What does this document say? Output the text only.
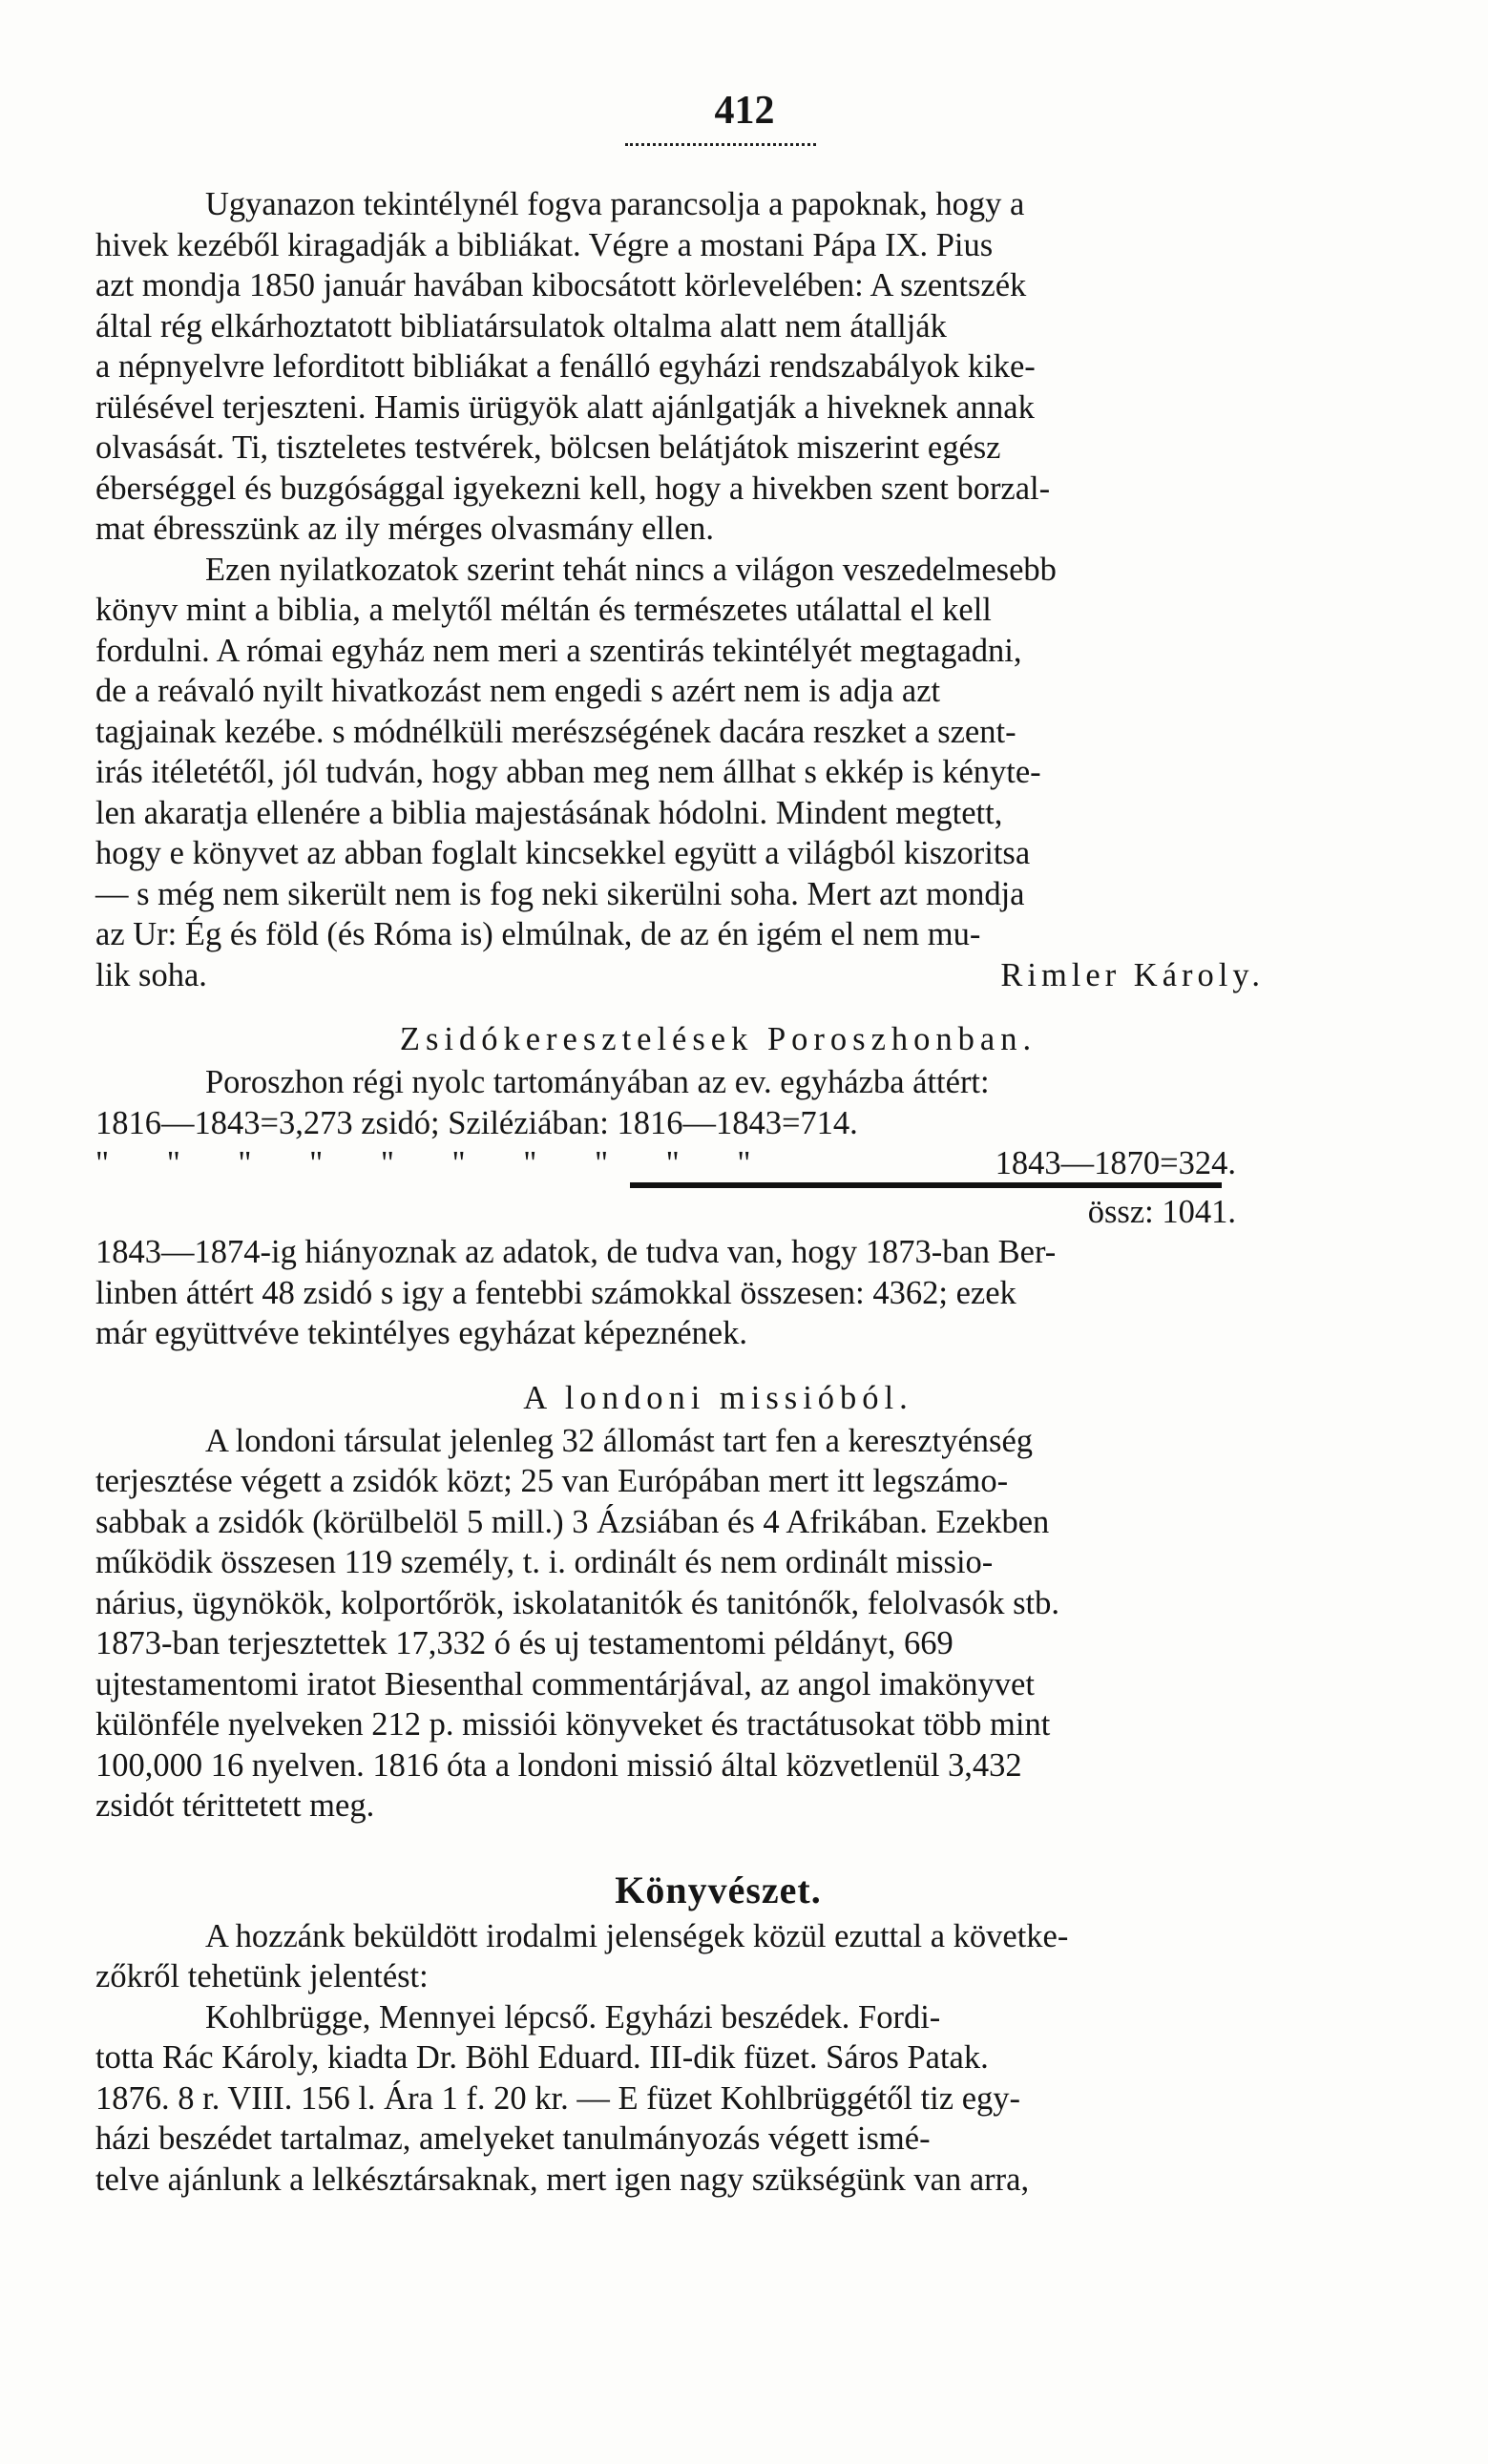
412
Ugyanazon tekintélynél fogva parancsolja a papoknak, hogy a
hivek kezéből kiragadják a bibliákat. Végre a mostani Pápa IX. Pius
azt mondja 1850 január havában kibocsátott körlevelében: A szentszék
által rég elkárhoztatott bibliatársulatok oltalma alatt nem átallják
a népnyelvre leforditott bibliákat a fenálló egyházi rendszabályok kike-
rülésével terjeszteni. Hamis ürügyök alatt ajánlgatják a hiveknek annak
olvasását. Ti, tiszteletes testvérek, bölcsen belátjátok miszerint egész
éberséggel és buzgósággal igyekezni kell, hogy a hivekben szent borzal-
mat ébresszünk az ily mérges olvasmány ellen.
Ezen nyilatkozatok szerint tehát nincs a világon veszedelmesebb
könyv mint a biblia, a melytől méltán és természetes utálattal el kell
fordulni. A római egyház nem meri a szentirás tekintélyét megtagadni,
de a reávaló nyilt hivatkozást nem engedi s azért nem is adja azt
tagjainak kezébe. s módnélküli merészségének dacára reszket a szent-
irás itéletétől, jól tudván, hogy abban meg nem állhat s ekkép is kényte-
len akaratja ellenére a biblia majestásának hódolni. Mindent megtett,
hogy e könyvet az abban foglalt kincsekkel együtt a világból kiszoritsa
— s még nem sikerült nem is fog neki sikerülni soha. Mert azt mondja
az Ur: Ég és föld (és Róma is) elmúlnak, de az én igém el nem mu-
lik soha.	Rimler Károly.
Zsidókeresztelések Poroszhonban.
Poroszhon régi nyolc tartományában az ev. egyházba áttért:
1816—1843=3,273 zsidó; Sziléziában: 1816—1843=714.
" " " " " " " " " "	1843—1870=324.
össz: 1041.
1843—1874-ig hiányoznak az adatok, de tudva van, hogy 1873-ban Ber-
linben áttért 48 zsidó s igy a fentebbi számokkal összesen: 4362; ezek
már együttvéve tekintélyes egyházat képeznének.
A londoni missióból.
A londoni társulat jelenleg 32 állomást tart fen a keresztyénség
terjesztése végett a zsidók közt; 25 van Európában mert itt legszámo-
sabbak a zsidók (körülbelöl 5 mill.) 3 Ázsiában és 4 Afrikában. Ezekben
működik összesen 119 személy, t. i. ordinált és nem ordinált missio-
nárius, ügynökök, kolportőrök, iskolatanitók és tanitónők, felolvasók stb.
1873-ban terjesztettek 17,332 ó és uj testamentomi példányt, 669
ujtestamentomi iratot Biesenthal commentárjával, az angol imakönyvet
különféle nyelveken 212 p. missiói könyveket és tractátusokat több mint
100,000 16 nyelven. 1816 óta a londoni missió által közvetlenül 3,432
zsidót térittetett meg.
Könyvészet.
A hozzánk beküldött irodalmi jelenségek közül ezuttal a követke-
zőkről tehetünk jelentést:
Kohlbrügge, Mennyei lépcső. Egyházi beszédek. Fordi-
totta Rác Károly, kiadta Dr. Böhl Eduard. III-dik füzet. Sáros Patak.
1876. 8 r. VIII. 156 l. Ára 1 f. 20 kr. — E füzet Kohlbrüggétől tiz egy-
házi beszédet tartalmaz, amelyeket tanulmányozás végett ismé-
telve ajánlunk a lelkésztársaknak, mert igen nagy szükségünk van arra,
